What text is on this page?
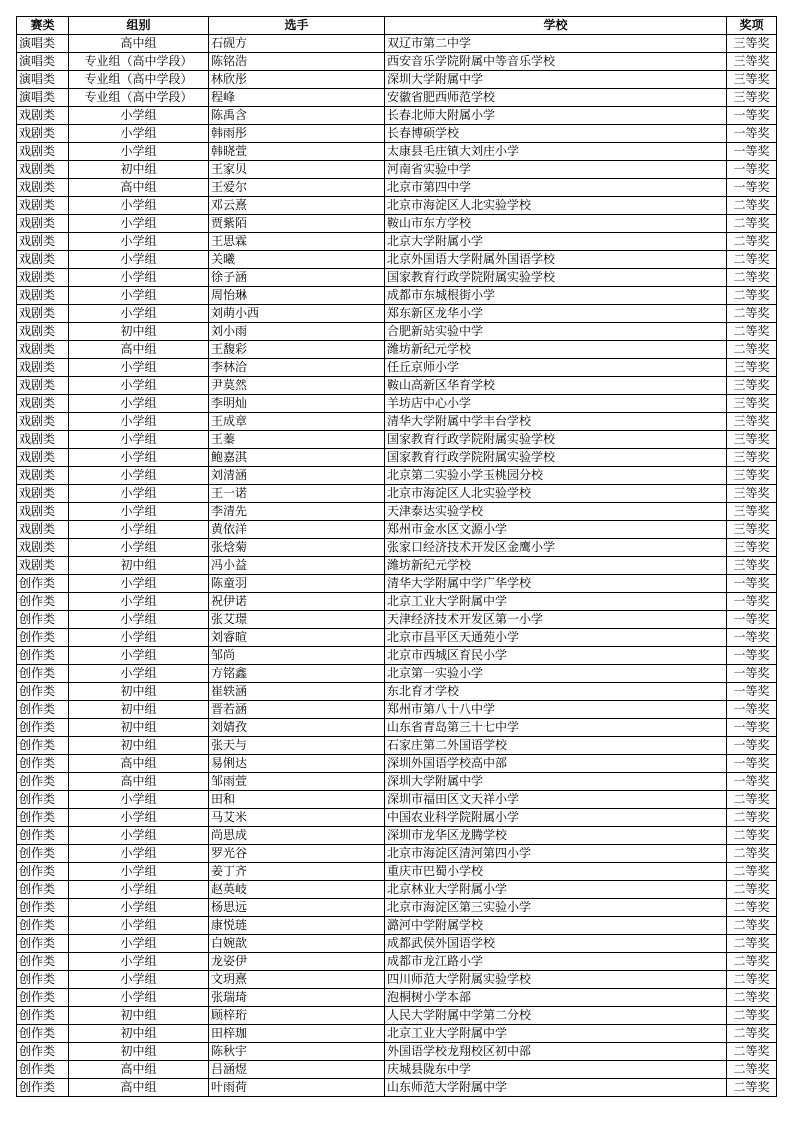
赛类	组别	选手	学校	奖项
演唱类	高中组	石砚方	双辽市第二中学	三等奖
演唱类	专业组（高中学段）	陈铭浩	西安音乐学院附属中等音乐学校	三等奖
演唱类	专业组（高中学段）	林欣彤	深圳大学附属中学	三等奖
演唱类	专业组（高中学段）	程峰	安徽省肥西师范学校	三等奖
戏剧类	小学组	陈禹含	长春北师大附属小学	一等奖
戏剧类	小学组	韩雨彤	长春博硕学校	一等奖
戏剧类	小学组	韩晓萱	太康县毛庄镇大刘庄小学	一等奖
戏剧类	初中组	王家贝	河南省实验中学	一等奖
戏剧类	高中组	王爱尔	北京市第四中学	一等奖
戏剧类	小学组	邓云熹	北京市海淀区人北实验学校	二等奖
戏剧类	小学组	贾紫陌	鞍山市东方学校	二等奖
戏剧类	小学组	王思霖	北京大学附属小学	二等奖
戏剧类	小学组	关曦	北京外国语大学附属外国语学校	二等奖
戏剧类	小学组	徐子涵	国家教育行政学院附属实验学校	二等奖
戏剧类	小学组	周怡琳	成都市东城根街小学	二等奖
戏剧类	小学组	刘萌小西	郑东新区龙华小学	二等奖
戏剧类	初中组	刘小雨	合肥新站实验中学	二等奖
戏剧类	高中组	王馥彩	潍坊新纪元学校	二等奖
戏剧类	小学组	李林洽	任丘京师小学	三等奖
戏剧类	小学组	尹莫然	鞍山高新区华育学校	三等奖
戏剧类	小学组	李明灿	羊坊店中心小学	三等奖
戏剧类	小学组	王成章	清华大学附属中学丰台学校	三等奖
戏剧类	小学组	王蓁	国家教育行政学院附属实验学校	三等奖
戏剧类	小学组	鲍嘉淇	国家教育行政学院附属实验学校	三等奖
戏剧类	小学组	刘清涵	北京第二实验小学玉桃园分校	三等奖
戏剧类	小学组	王一诺	北京市海淀区人北实验学校	三等奖
戏剧类	小学组	李清先	天津泰达实验学校	三等奖
戏剧类	小学组	黄依洋	郑州市金水区文源小学	三等奖
戏剧类	小学组	张焓菊	张家口经济技术开发区金鹰小学	三等奖
戏剧类	初中组	冯小益	潍坊新纪元学校	三等奖
创作类	小学组	陈童羽	清华大学附属中学广华学校	一等奖
创作类	小学组	祝伊诺	北京工业大学附属中学	一等奖
创作类	小学组	张艾璟	天津经济技术开发区第一小学	一等奖
创作类	小学组	刘睿暄	北京市昌平区天通苑小学	一等奖
创作类	小学组	邹尚	北京市西城区育民小学	一等奖
创作类	小学组	方铭鑫	北京第一实验小学	一等奖
创作类	初中组	崔轶涵	东北育才学校	一等奖
创作类	初中组	晋若涵	郑州市第八十八中学	一等奖
创作类	初中组	刘婧孜	山东省青岛第三十七中学	一等奖
创作类	初中组	张天与	石家庄第二外国语学校	一等奖
创作类	高中组	易俐达	深圳外国语学校高中部	一等奖
创作类	高中组	邹雨萱	深圳大学附属中学	一等奖
创作类	小学组	田和	深圳市福田区文天祥小学	二等奖
创作类	小学组	马艾米	中国农业科学院附属小学	二等奖
创作类	小学组	尚思成	深圳市龙华区龙腾学校	二等奖
创作类	小学组	罗光谷	北京市海淀区清河第四小学	二等奖
创作类	小学组	姜丁齐	重庆市巴蜀小学校	二等奖
创作类	小学组	赵英岐	北京林业大学附属小学	二等奖
创作类	小学组	杨思远	北京市海淀区第三实验小学	二等奖
创作类	小学组	康悦琏	潞河中学附属学校	二等奖
创作类	小学组	白婉歆	成都武侯外国语学校	二等奖
创作类	小学组	龙姿伊	成都市龙江路小学	二等奖
创作类	小学组	文玥熹	四川师范大学附属实验学校	二等奖
创作类	小学组	张瑞琦	泡桐树小学本部	二等奖
创作类	初中组	顾梓珩	人民大学附属中学第二分校	二等奖
创作类	初中组	田梓珈	北京工业大学附属中学	二等奖
创作类	初中组	陈秋宇	外国语学校龙翔校区初中部	二等奖
创作类	高中组	吕涵煜	庆城县陇东中学	二等奖
创作类	高中组	叶雨荷	山东师范大学附属中学	二等奖
